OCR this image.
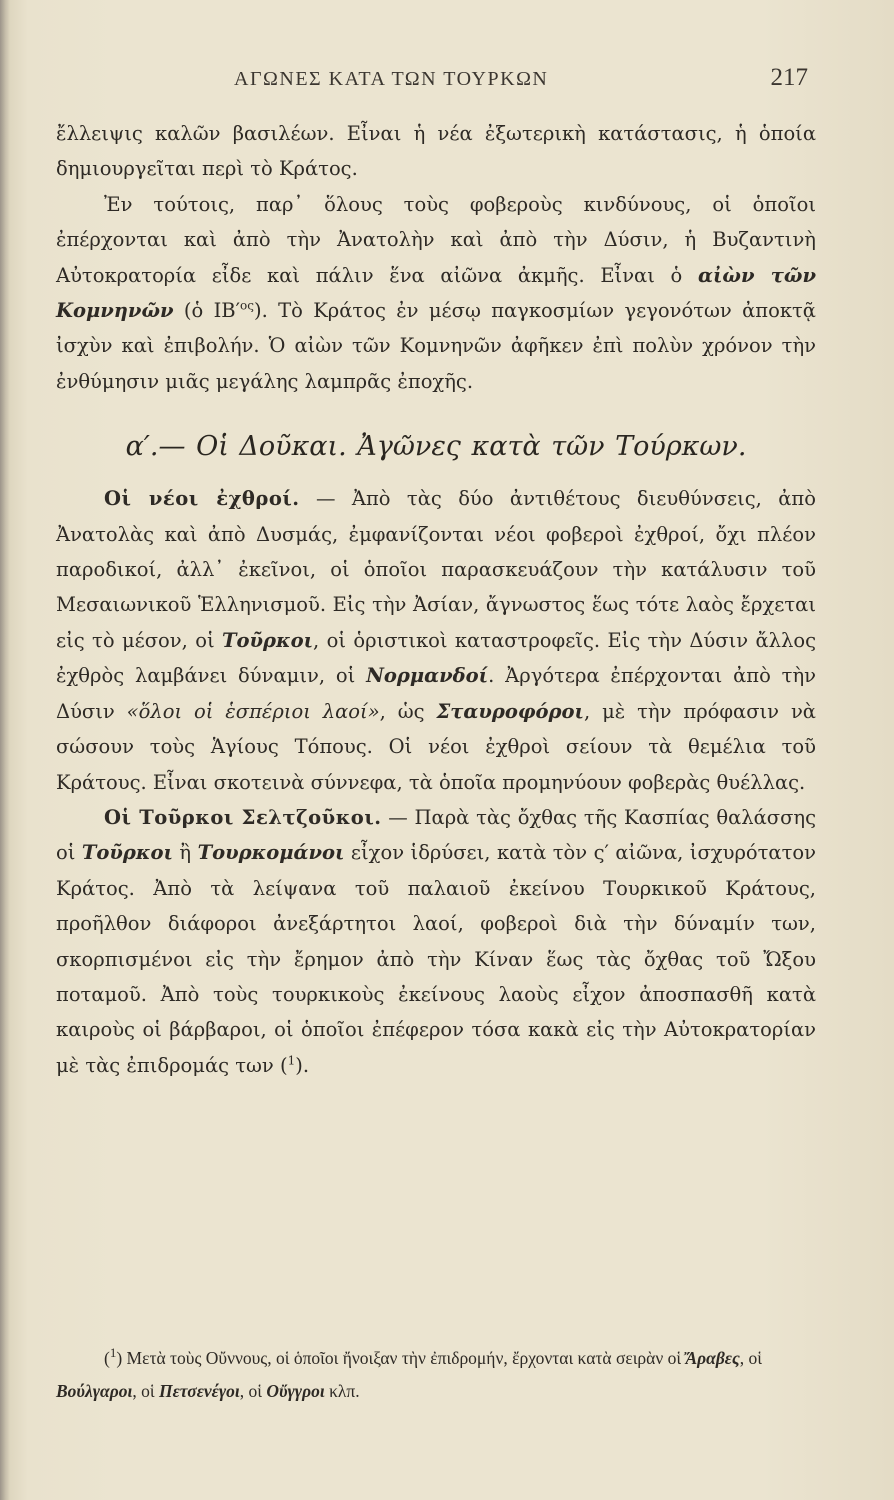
ΑΓΩΝΕΣ ΚΑΤΑ ΤΩΝ ΤΟΥΡΚΩΝ	217

ἔλλειψις καλῶν βασιλέων. Εἶναι ἡ νέα ἐξωτερικὴ κατάστασις, ἡ ὁποία δημιουργεῖται περὶ τὸ Κράτος.

Ἐν τούτοις, παρ᾽ ὅλους τοὺς φοβεροὺς κινδύνους, οἱ ὁποῖοι ἐπέρχονται καὶ ἀπὸ τὴν Ἀνατολὴν καὶ ἀπὸ τὴν Δύσιν, ἡ Βυζαντινὴ Αὐτοκρατορία εἶδε καὶ πάλιν ἕνα αἰῶνα ἀκμῆς. Εἶναι ὁ αἰὼν τῶν Κομνηνῶν (ὁ $IB'^{o\varsigma}$). Τὸ Κράτος ἐν μέσῳ παγκοσμίων γεγονότων ἀποκτᾷ ἰσχὺν καὶ ἐπιβολήν. Ὁ αἰὼν τῶν Κομνηνῶν ἀφῆκεν ἐπὶ πολὺν χρόνον τὴν ἐνθύμησιν μιᾶς μεγάλης λαμπρᾶς ἐποχῆς.

α′.— Οἱ Δοῦκαι. Ἀγῶνες κατὰ τῶν Τούρκων.

Οἱ νέοι ἐχθροί. — Ἀπὸ τὰς δύο ἀντιθέτους διευθύνσεις, ἀπὸ Ἀνατολὰς καὶ ἀπὸ Δυσμάς, ἐμφανίζονται νέοι φοβεροὶ ἐχθροί, ὄχι πλέον παροδικοί, ἀλλ᾽ ἐκεῖνοι, οἱ ὁποῖοι παρασκευάζουν τὴν κατάλυσιν τοῦ Μεσαιωνικοῦ Ἑλληνισμοῦ. Εἰς τὴν Ἀσίαν, ἄγνωστος ἕως τότε λαὸς ἔρχεται εἰς τὸ μέσον, οἱ Τοῦρκοι, οἱ ὁριστικοὶ καταστροφεῖς. Εἰς τὴν Δύσιν ἄλλος ἐχθρὸς λαμβάνει δύναμιν, οἱ Νορμανδοί. Ἀργότερα ἐπέρχονται ἀπὸ τὴν Δύσιν «ὅλοι οἱ ἑσπέριοι λαοί», ὡς Σταυροφόροι, μὲ τὴν πρόφασιν νὰ σώσουν τοὺς Ἁγίους Τόπους. Οἱ νέοι ἐχθροὶ σείουν τὰ θεμέλια τοῦ Κράτους. Εἶναι σκοτεινὰ σύννεφα, τὰ ὁποῖα προμηνύουν φοβερὰς θυέλλας.

Οἱ Τοῦρκοι Σελτζοῦκοι. — Παρὰ τὰς ὄχθας τῆς Κασπίας θαλάσσης οἱ Τοῦρκοι ἢ Τουρκομάνοι εἶχον ἱδρύσει, κατὰ τὸν ς′ αἰῶνα, ἰσχυρότατον Κράτος. Ἀπὸ τὰ λείψανα τοῦ παλαιοῦ ἐκείνου Τουρκικοῦ Κράτους, προῆλθον διάφοροι ἀνεξάρτητοι λαοί, φοβεροὶ διὰ τὴν δύναμίν των, σκορπισμένοι εἰς τὴν ἔρημον ἀπὸ τὴν Κίναν ἕως τὰς ὄχθας τοῦ Ὤξου ποταμοῦ. Ἀπὸ τοὺς τουρκικοὺς ἐκείνους λαοὺς εἶχον ἀποσπασθῆ κατὰ καιροὺς οἱ βάρβαροι, οἱ ὁποῖοι ἐπέφερον τόσα κακὰ εἰς τὴν Αὐτοκρατορίαν μὲ τὰς ἐπιδρομάς των ($^1$).

($^1$) Μετὰ τοὺς Οὔννους, οἱ ὁποῖοι ἤνοιξαν τὴν ἐπιδρομήν, ἔρχονται κατὰ σειρὰν οἱ Ἄραβες, οἱ Βούλγαροι, οἱ Πετσενέγοι, οἱ Οὔγγροι κλπ.
